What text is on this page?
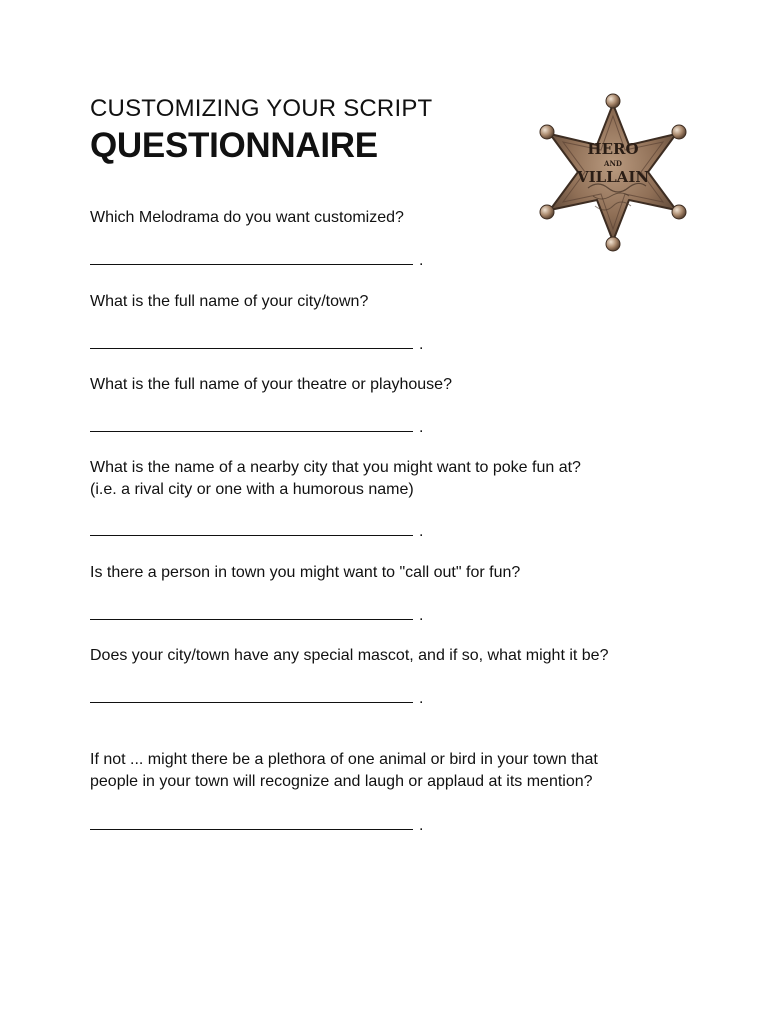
CUSTOMIZING YOUR SCRIPT
QUESTIONNAIRE	HERO
AND
VILLAIN

Which Melodrama do you want customized?

.

What is the full name of your city/town?

.

What is the full name of your theatre or playhouse?

.

What is the name of a nearby city that you might want to poke fun at?

(i.e. a rival city or one with a humorous name)

.

Is there a person in town you might want to "call out" for fun?

.

Does your city/town have any special mascot, and if so, what might it be?

.

If not ... might there be a plethora of one animal or bird in your town that

people in your town will recognize and laugh or applaud at its mention?

.
